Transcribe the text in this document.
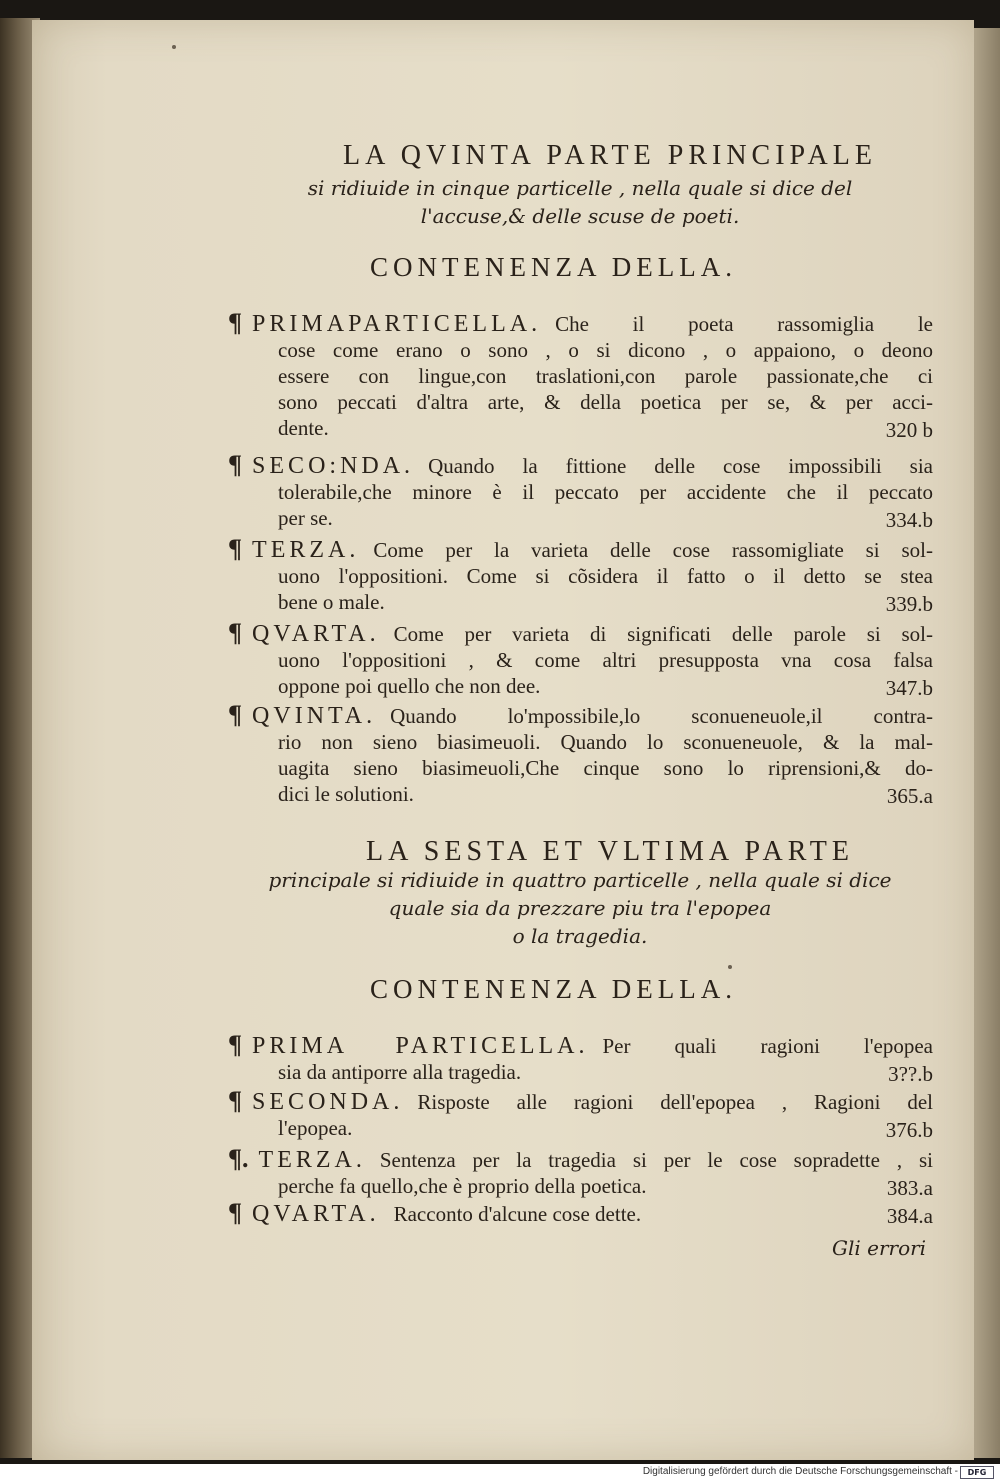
LA QVINTA PARTE PRINCIPALE
si ridiuide in cinque particelle , nella quale si dice del
l'accuse,& delle scuse de poeti.
CONTENENZA DELLA.
¶ PRIMAPARTICELLA. Che il poeta rassomiglia le
cose come erano o sono , o si dicono , o appaiono, o deono
essere con lingue,con traslationi,con parole passionate,che ci
sono peccati d'altra arte, & della poetica per se, & per acci-
dente.	320 b
¶ SECO:NDA. Quando la fittione delle cose impossibili sia
tolerabile,che minore è il peccato per accidente che il peccato
per se.	334.b
¶ TERZA. Come per la varieta delle cose rassomigliate si sol-
uono l'oppositioni. Come si cõsidera il fatto o il detto se stea
bene o male.	339.b
¶ QVARTA. Come per varieta di significati delle parole si sol-
uono l'oppositioni , & come altri presupposta vna cosa falsa
oppone poi quello che non dee.	347.b
¶ QVINTA. Quando lo'mpossibile,lo sconueneuole,il contra-
rio non sieno biasimeuoli. Quando lo sconueneuole, & la mal-
uagita sieno biasimeuoli,Che cinque sono lo riprensioni,& do-
dici le solutioni.	365.a
LA SESTA ET VLTIMA PARTE
principale si ridiuide in quattro particelle , nella quale si dice
quale sia da prezzare piu tra l'epopea
o la tragedia.
CONTENENZA DELLA.
¶ PRIMA PARTICELLA. Per quali ragioni l'epopea
sia da antiporre alla tragedia.	3??.b
¶ SECONDA. Risposte alle ragioni dell'epopea , Ragioni del
l'epopea.	376.b
¶. TERZA. Sentenza per la tragedia si per le cose sopradette , si
perche fa quello,che è proprio della poetica.	383.a
¶ QVARTA. Racconto d'alcune cose dette.	384.a
Gli errori
Digitalisierung gefördert durch die Deutsche Forschungsgemeinschaft -	DFG
